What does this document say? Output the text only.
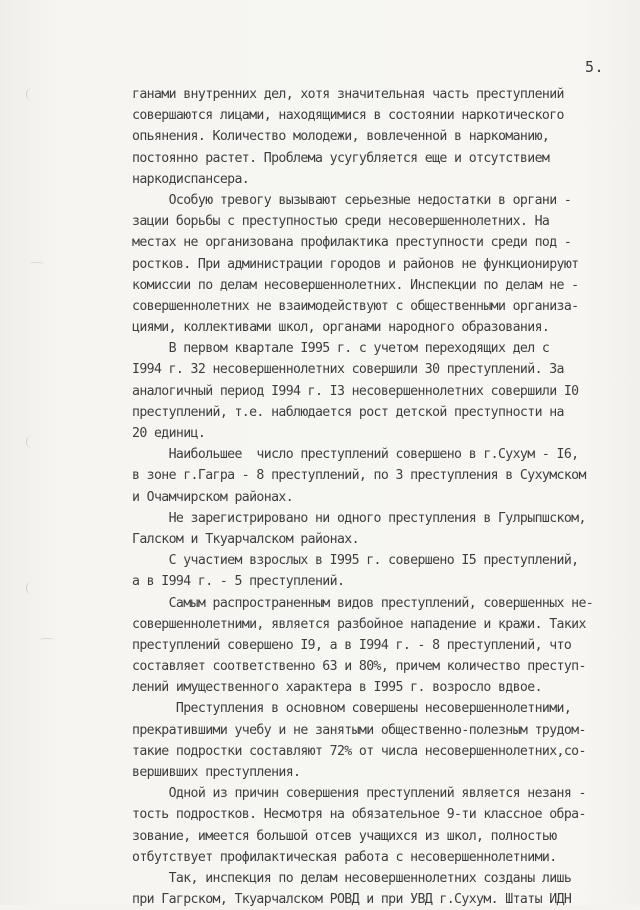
5.
ганами внутренних дел, хотя значительная часть преступлений
совершаются лицами, находящимися в состоянии наркотического
опьянения. Количество молодежи, вовлеченной в наркоманию,
постоянно растет. Проблема усугубляется еще и отсутствием
наркодиспансера.
Особую тревогу вызывают серьезные недостатки в органи -
зации борьбы с преступностью среди несовершеннолетних. На
местах не организована профилактика преступности среди под -
ростков. При администрации городов и районов не функционируют
комиссии по делам несовершеннолетних. Инспекции по делам не -
совершеннолетних не взаимодействуют с общественными организа-
циями, коллективами школ, органами народного образования.
В первом квартале I995 г. с учетом переходящих дел с
I994 г. 32 несовершеннолетних совершили 30 преступлений. За
аналогичный период I994 г. I3 несовершеннолетних совершили I0
преступлений, т.е. наблюдается рост детской преступности на
20 единиц.
Наибольшее  число преступлений совершено в г.Сухум - I6,
в зоне г.Гагра - 8 преступлений, по 3 преступления в Сухумском
и Очамчирском районах.
Не зарегистрировано ни одного преступления в Гулрыпшском,
Галском и Ткуарчалском районах.
С участием взрослых в I995 г. совершено I5 преступлений,
а в I994 г. - 5 преступлений.
Самым распространенным видов преступлений, совершенных не-
совершеннолетними, является разбойное нападение и кражи. Таких
преступлений совершено I9, а в I994 г. - 8 преступлений, что
составляет соответственно 63 и 80%, причем количество преступ-
лений имущественного характера в I995 г. возросло вдвое.
Преступления в основном совершены несовершеннолетними,
прекратившими учебу и не занятыми общественно-полезным трудом-
такие подростки составляют 72% от числа несовершеннолетних,со-
вершивших преступления.
Одной из причин совершения преступлений является незаня -
тость подростков. Несмотря на обязательное 9-ти классное обра-
зование, имеется большой отсев учащихся из школ, полностью
отбутствует профилактическая работа с несовершеннолетними.
Так, инспекция по делам несовершеннолетних созданы лишь
при Гагрском, Ткуарчалском РОВД и при УВД г.Сухум. Штаты ИДН
